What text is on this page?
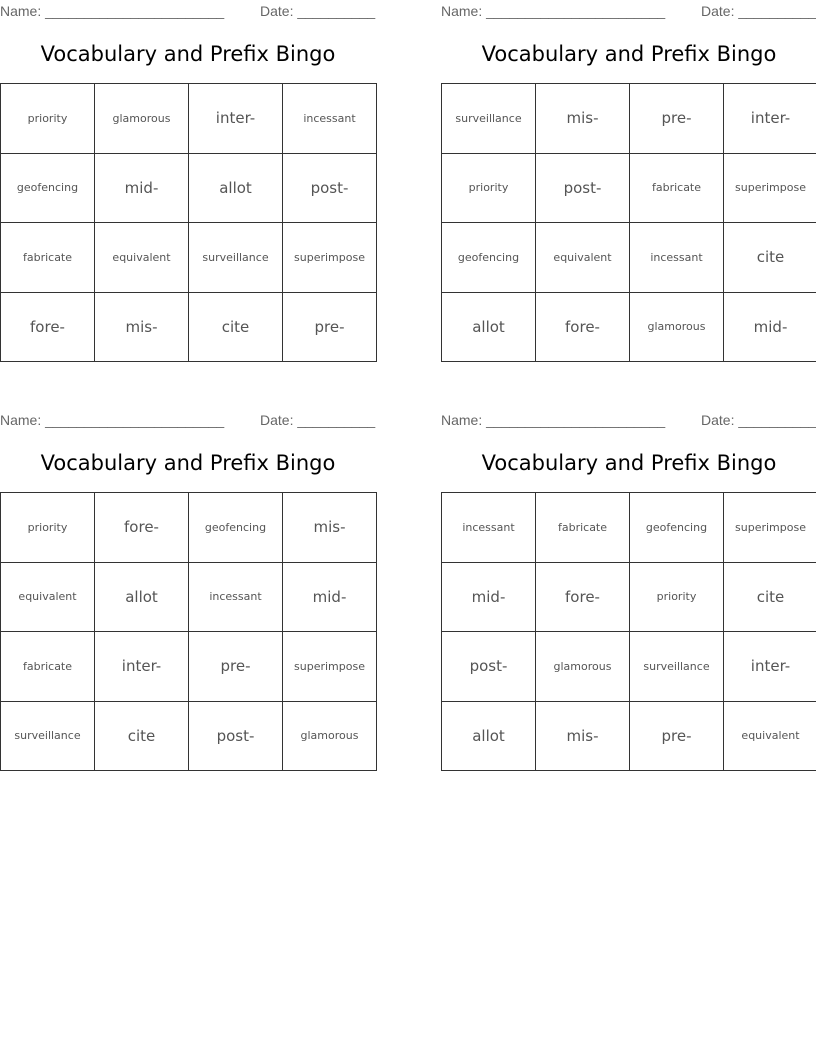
Name: _______________________	Date: __________
Vocabulary and Prefix Bingo
priority	glamorous	inter-	incessant
geofencing	mid-	allot	post-
fabricate	equivalent	surveillance	superimpose
fore-	mis-	cite	pre-
Name: _______________________	Date: __________
Vocabulary and Prefix Bingo
surveillance	mis-	pre-	inter-
priority	post-	fabricate	superimpose
geofencing	equivalent	incessant	cite
allot	fore-	glamorous	mid-
Name: _______________________	Date: __________
Vocabulary and Prefix Bingo
priority	fore-	geofencing	mis-
equivalent	allot	incessant	mid-
fabricate	inter-	pre-	superimpose
surveillance	cite	post-	glamorous
Name: _______________________	Date: __________
Vocabulary and Prefix Bingo
incessant	fabricate	geofencing	superimpose
mid-	fore-	priority	cite
post-	glamorous	surveillance	inter-
allot	mis-	pre-	equivalent
